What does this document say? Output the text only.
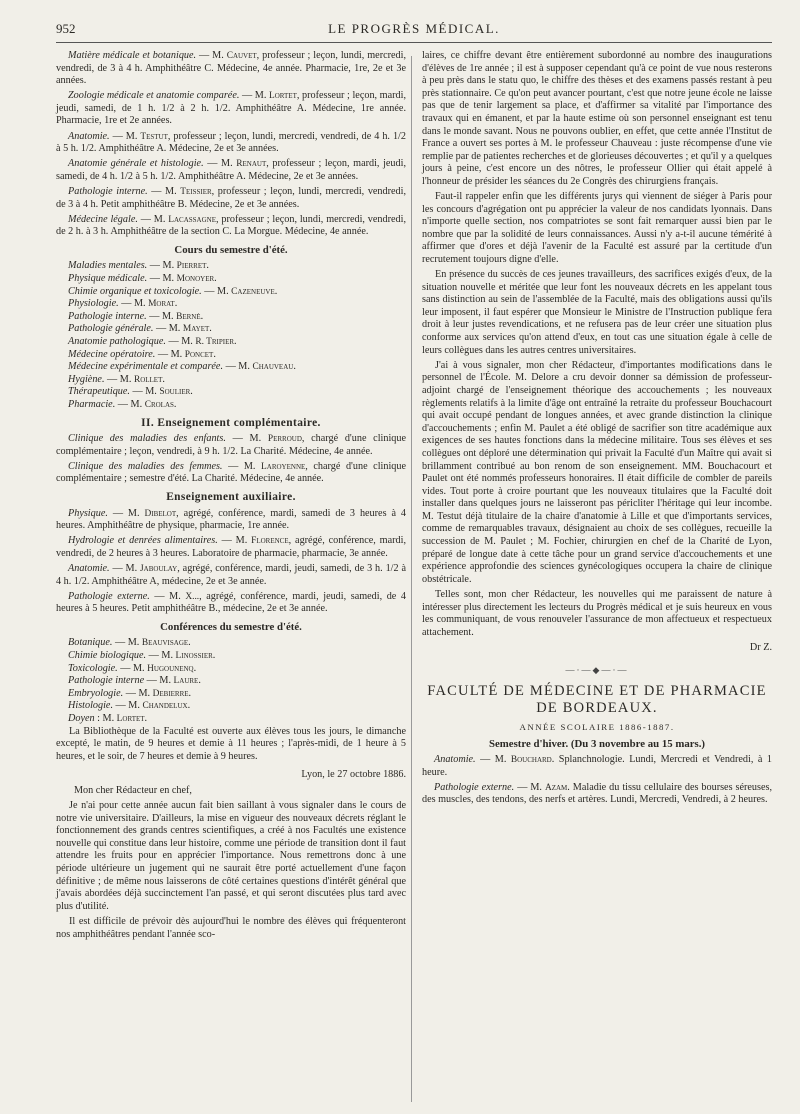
952	LE PROGRÈS MÉDICAL.

Matière médicale et botanique. — M. Cauvet, professeur ; leçon, lundi, mercredi, vendredi, de 3 à 4 h. Amphithéâtre C. Médecine, 4e année. Pharmacie, 1re, 2e et 3e années.

Zoologie médicale et anatomie comparée. — M. Lortet, professeur ; leçon, mardi, jeudi, samedi, de 1 h. 1/2 à 2 h. 1/2. Amphithéâtre A. Médecine, 1re année. Pharmacie, 1re et 2e années.

Anatomie. — M. Testut, professeur ; leçon, lundi, mercredi, vendredi, de 4 h. 1/2 à 5 h. 1/2. Amphithéâtre A. Médecine, 2e et 3e années.

Anatomie générale et histologie. — M. Renaut, professeur ; leçon, mardi, jeudi, samedi, de 4 h. 1/2 à 5 h. 1/2. Amphithéâtre A. Médecine, 2e et 3e années.

Pathologie interne. — M. Teissier, professeur ; leçon, lundi, mercredi, vendredi, de 3 à 4 h. Petit amphithéâtre B. Médecine, 2e et 3e années.

Médecine légale. — M. Lacassagne, professeur ; leçon, lundi, mercredi, vendredi, de 2 h. à 3 h. Amphithéâtre de la section C. La Morgue. Médecine, 4e année.

Cours du semestre d'été.

Maladies mentales. — M. Pierret.

Physique médicale. — M. Monoyer.

Chimie organique et toxicologie. — M. Cazeneuve.

Physiologie. — M. Morat.

Pathologie interne. — M. Bernė.

Pathologie générale. — M. Mayet.

Anatomie pathologique. — M. R. Tripier.

Médecine opératoire. — M. Poncet.

Médecine expérimentale et comparée. — M. Chauveau.

Hygiène. — M. Rollet.

Thérapeutique. — M. Soulier.

Pharmacie. — M. Crolas.

II. Enseignement complémentaire.

Clinique des maladies des enfants. — M. Perroud, chargé d'une clinique complémentaire ; leçon, vendredi, à 9 h. 1/2. La Charité. Médecine, 4e année.

Clinique des maladies des femmes. — M. Laroyenne, chargé d'une clinique complémentaire ; semestre d'été. La Charité. Médecine, 4e année.

Enseignement auxiliaire.

Physique. — M. Dibelot, agrégé, conférence, mardi, samedi de 3 heures à 4 heures. Amphithéâtre de physique, pharmacie, 1re année.

Hydrologie et denrées alimentaires. — M. Florence, agrégé, conférence, mardi, vendredi, de 2 heures à 3 heures. Laboratoire de pharmacie, pharmacie, 3e année.

Anatomie. — M. Jaboulay, agrégé, conférence, mardi, jeudi, samedi, de 3 h. 1/2 à 4 h. 1/2. Amphithéâtre A, médecine, 2e et 3e année.

Pathologie externe. — M. X..., agrégé, conférence, mardi, jeudi, samedi, de 4 heures à 5 heures. Petit amphithéâtre B., médecine, 2e et 3e année.

Conférences du semestre d'été.

Botanique. — M. Beauvisage.

Chimie biologique. — M. Linossier.

Toxicologie. — M. Hugounenq.

Pathologie interne — M. Laure.

Embryologie. — M. Debierre.

Histologie. — M. Chandelux.

Doyen : M. Lortet.

La Bibliothèque de la Faculté est ouverte aux élèves tous les jours, le dimanche excepté, le matin, de 9 heures et demie à 11 heures ; l'après-midi, de 1 heure à 5 heures, et le soir, de 7 heures et demie à 9 heures.

Lyon, le 27 octobre 1886.

Mon cher Rédacteur en chef,

Je n'ai pour cette année aucun fait bien saillant à vous signaler dans le cours de notre vie universitaire. D'ailleurs, la mise en vigueur des nouveaux décrets réglant le fonctionnement des grands centres scientifiques, a créé à nos Facultés une existence nouvelle qui constitue dans leur histoire, comme une période de transition dont il faut attendre les fruits pour en apprécier l'importance. Nous remettrons donc à une période ultérieure un jugement qui ne saurait être porté actuellement d'une façon définitive ; de même nous laisserons de côté certaines questions d'intérêt général que j'avais abordées déjà succinctement l'an passé, et qui seront discutées plus tard avec plus d'utilité.

Il est difficile de prévoir dès aujourd'hui le nombre des élèves qui fréquenteront nos amphithéâtres pendant l'année sco-

laires, ce chiffre devant être entièrement subordonné au nombre des inaugurations d'élèves de 1re année ; il est à supposer cependant qu'à ce point de vue nous resterons à peu près dans le statu quo, le chiffre des thèses et des examens passés restant à peu près stationnaire. Ce qu'on peut avancer pourtant, c'est que notre jeune école ne laisse pas que de tenir largement sa place, et d'affirmer sa vitalité par l'importance des travaux qui en émanent, et par la haute estime où son personnel enseignant est tenu dans le monde savant. Nous ne pouvons oublier, en effet, que cette année l'Institut de France a ouvert ses portes à M. le professeur Chauveau : juste récompense d'une vie remplie par de patientes recherches et de glorieuses découvertes ; et qu'il y a quelques jours à peine, c'est encore un des nôtres, le professeur Ollier qui était appelé à l'honneur de présider les séances du 2e Congrès des chirurgiens français.

Faut-il rappeler enfin que les différents jurys qui viennent de siéger à Paris pour les concours d'agrégation ont pu apprécier la valeur de nos candidats lyonnais. Dans n'importe quelle section, nos compatriotes se sont fait remarquer aussi bien par le nombre que par la solidité de leurs connaissances. Aussi n'y a-t-il aucune témérité à affirmer que d'ores et déjà l'avenir de la Faculté est assuré par la certitude d'un recrutement toujours digne d'elle.

En présence du succès de ces jeunes travailleurs, des sacrifices exigés d'eux, de la situation nouvelle et méritée que leur font les nouveaux décrets en les appelant tous sans distinction au sein de l'assemblée de la Faculté, mais des obligations aussi qu'ils leur imposent, il faut espérer que Monsieur le Ministre de l'Instruction publique fera droit à leur justes revendications, et ne refusera pas de leur créer une situation plus conforme aux services qu'on attend d'eux, en tout cas une situation égale à celle de leurs collègues dans les autres centres universitaires.

J'ai à vous signaler, mon cher Rédacteur, d'importantes modifications dans le personnel de l'École. M. Delore a cru devoir donner sa démission de professeur-adjoint chargé de l'enseignement théorique des accouchements ; les nouveaux règlements relatifs à la limite d'âge ont entraîné la retraite du professeur Bouchacourt qui avait occupé pendant de longues années, et avec grande distinction la clinique d'accouchements ; enfin M. Paulet a été obligé de sacrifier son titre académique aux exigences de ses hautes fonctions dans la médecine militaire. Tous ses élèves et ses collègues ont déploré une détermination qui privait la Faculté d'un Maître qui avait si brillamment contribué au bon renom de son enseignement. MM. Bouchacourt et Paulet ont été nommés professeurs honoraires. Il était difficile de combler de pareils vides. Tout porte à croire pourtant que les nouveaux titulaires que la Faculté doit installer dans quelques jours ne laisseront pas péricliter l'héritage qui leur incombe. M. Testut déjà titulaire de la chaire d'anatomie à Lille et que d'importants services, comme de remarquables travaux, désignaient au choix de ses collègues, recueille la succession de M. Paulet ; M. Fochier, chirurgien en chef de la Charité de Lyon, préparé de longue date à cette tâche pour un grand service d'accouchements et une expérience approfondie des sciences gynécologiques occupera la chaire de clinique obstétricale.

Telles sont, mon cher Rédacteur, les nouvelles qui me paraissent de nature à intéresser plus directement les lecteurs du Progrès médical et je suis heureux en vous les communiquant, de vous renouveler l'assurance de mon affectueux et respectueux attachement.

Dr Z.
—·—◆—·—
FACULTÉ DE MÉDECINE ET DE PHARMACIE DE BORDEAUX.
ANNÉE SCOLAIRE 1886-1887.
Semestre d'hiver. (Du 3 novembre au 15 mars.)

Anatomie. — M. Bouchard. Splanchnologie. Lundi, Mercredi et Vendredi, à 1 heure.

Pathologie externe. — M. Azam. Maladie du tissu cellulaire des bourses séreuses, des muscles, des tendons, des nerfs et artères. Lundi, Mercredi, Vendredi, à 2 heures.
